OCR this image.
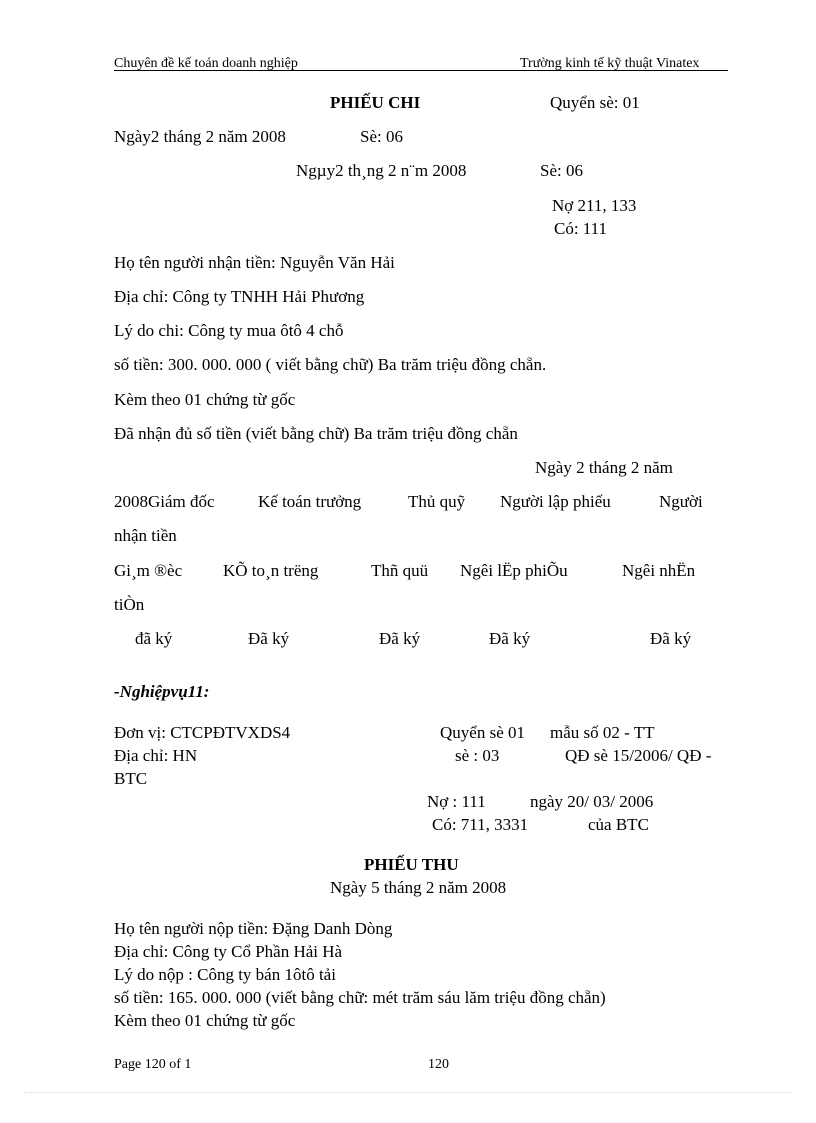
Chuyên đề kế toán doanh nghiệp	Trường kinh tế kỹ thuật Vinatex
PHIẾU CHI	Quyển sè: 01
Ngày2 tháng 2 năm 2008	Sè: 06
Ngµy2 th¸ng 2 n¨m 2008	Sè: 06
Nợ 211, 133
Có: 111
Họ tên người nhận tiền: Nguyễn Văn Hải
Địa chỉ: Công ty TNHH Hải Phương
Lý do chi: Công ty mua ôtô 4 chỗ
số tiền: 300. 000. 000 ( viết bằng chữ) Ba trăm triệu đồng chẵn.
Kèm theo 01 chứng từ gốc
Đã nhận đủ số tiền (viết bằng chữ) Ba trăm triệu đồng chẵn
Ngày 2 tháng 2 năm
2008Giám đốc	Kế toán trưởng	Thủ quỹ Người lập phiếu	Người
nhận tiền
Gi¸m ®èc KÕ to¸n trëng	Thñ quü Ngêi lËp phiÕu	Ngêi nhËn
tiÒn
đã ký	Đã ký	Đã ký	Đã ký	Đã ký
-Nghiệpvụ11:
Đơn vị: CTCPĐTVXDS4	Quyển sè 01 mẫu số 02 - TT
Địa chỉ: HN	sè : 03	QĐ sè 15/2006/ QĐ -
BTC
Nợ : 111	ngày 20/ 03/ 2006
Có: 711, 3331	của BTC
PHIẾU THU
Ngày 5 tháng 2 năm 2008
Họ tên người nộp tiền: Đặng Danh Dòng
Địa chỉ: Công ty Cổ Phần Hải Hà
Lý do nộp : Công ty bán 1ôtô tải
số tiền: 165. 000. 000 (viết bằng chữ: mét trăm sáu lăm triệu đồng chẵn)
Kèm theo 01 chứng từ gốc
Page 120 of 1	120
